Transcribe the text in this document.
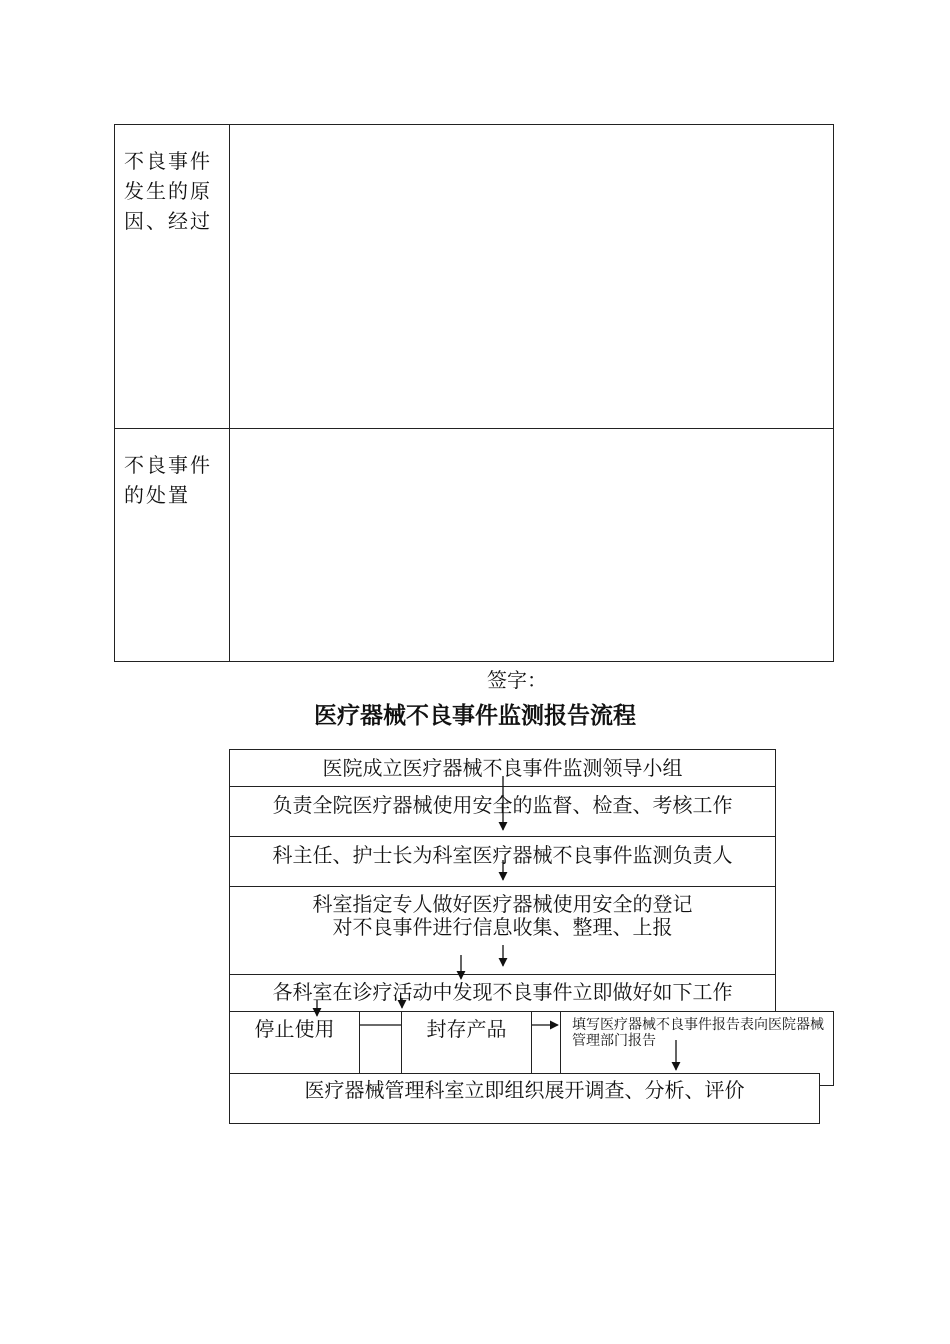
不良事件发生的原因、经过
不良事件的处置
签字：
医疗器械不良事件监测报告流程
医院成立医疗器械不良事件监测领导小组
负责全院医疗器械使用安全的监督、检查、考核工作
科主任、护士长为科室医疗器械不良事件监测负责人
科室指定专人做好医疗器械使用安全的登记
对不良事件进行信息收集、整理、上报
各科室在诊疗活动中发现不良事件立即做好如下工作
停止使用	封存产品	填写医疗器械不良事件报告表向医院器械管理部门报告
医疗器械管理科室立即组织展开调查、分析、评价
